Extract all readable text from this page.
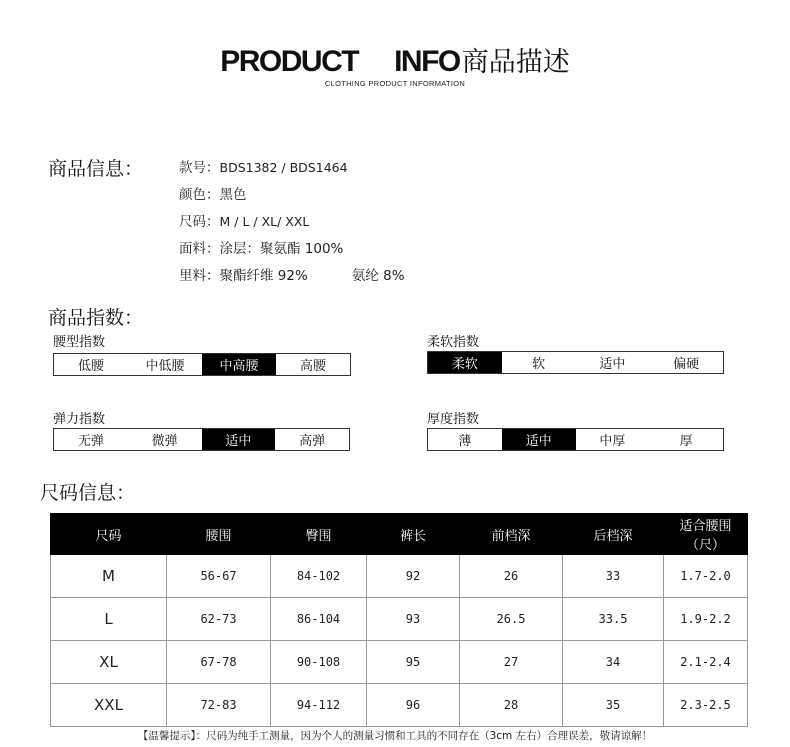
PRODUCT INFO商品描述
CLOTHING PRODUCT INFORMATION
商品信息：	款号：BDS1382 / BDS1464
颜色：黑色
尺码：M / L / XL/ XXL
面料：涂层：聚氨酯 100%
里料：聚酯纤维 92%	氨纶 8%
商品指数：
腰型指数
低腰	中低腰	中高腰	高腰
柔软指数
柔软	软	适中	偏硬
弹力指数
无弹	微弹	适中	高弹
厚度指数
薄	适中	中厚	厚
尺码信息：
尺码	腰围	臀围	裤长	前档深	后档深	适合腰围（尺）
M	56-67	84-102	92	26	33	1.7-2.0
L	62-73	86-104	93	26.5	33.5	1.9-2.2
XL	67-78	90-108	95	27	34	2.1-2.4
XXL	72-83	94-112	96	28	35	2.3-2.5
【温馨提示】：尺码为纯手工测量，因为个人的测量习惯和工具的不同存在（3cm 左右）合理误差，敬请谅解！
